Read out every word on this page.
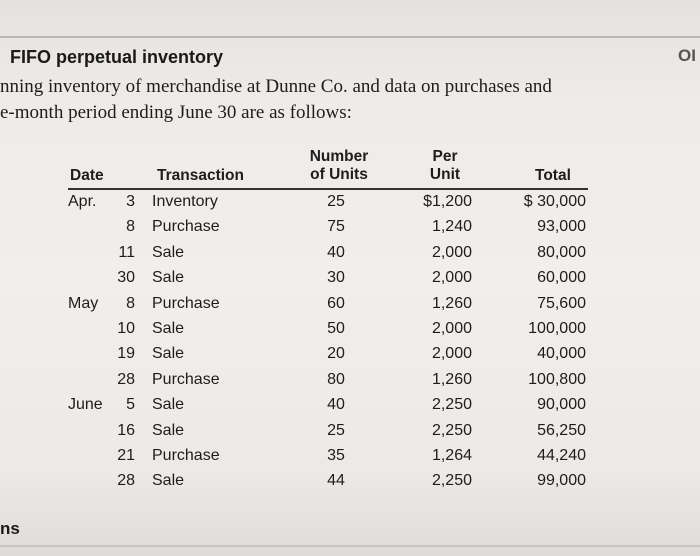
FIFO perpetual inventory	OI
nning inventory of merchandise at Dunne Co. and data on purchases and
e-month period ending June 30 are as follows:
Date	Transaction
Number
of Units
Per
Unit	Total
Apr.	3 Inventory	25	$1,200	$ 30,000
8 Purchase	75	1,240	93,000
11 Sale	40	2,000	80,000
30 Sale	30	2,000	60,000
May	8 Purchase	60	1,260	75,600
10 Sale	50	2,000	100,000
19 Sale	20	2,000	40,000
28 Purchase	80	1,260	100,800
June	5 Sale	40	2,250	90,000
16 Sale	25	2,250	56,250
21 Purchase	35	1,264	44,240
28 Sale	44	2,250	99,000
ns
